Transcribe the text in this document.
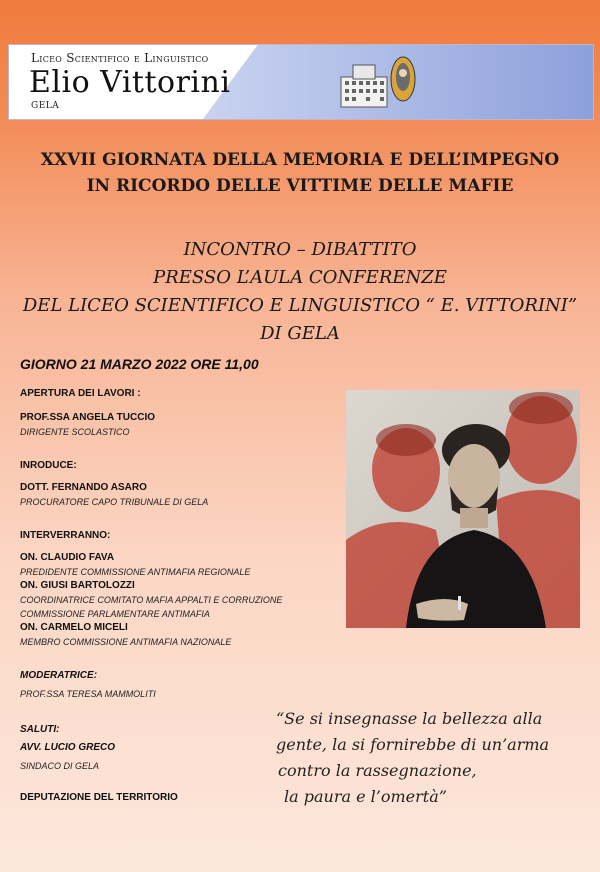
Liceo Scientifico e Linguistico
Elio Vittorini
GELA
XXVII GIORNATA DELLA MEMORIA E DELL’IMPEGNO
IN RICORDO DELLE VITTIME DELLE MAFIE
INCONTRO – DIBATTITO
PRESSO L’AULA CONFERENZE
DEL LICEO SCIENTIFICO E LINGUISTICO “ E. VITTORINI”
DI GELA
GIORNO 21 MARZO 2022 ORE 11,00

APERTURA DEI LAVORI :

PROF.SSA ANGELA TUCCIO

DIRIGENTE SCOLASTICO

INRODUCE:

DOTT. FERNANDO ASARO

PROCURATORE CAPO TRIBUNALE DI GELA

INTERVERRANNO:

ON. CLAUDIO FAVA

PREDIDENTE COMMISSIONE ANTIMAFIA REGIONALE

ON. GIUSI BARTOLOZZI

COORDINATRICE COMITATO MAFIA APPALTI E CORRUZIONE

COMMISSIONE PARLAMENTARE ANTIMAFIA

ON. CARMELO MICELI

MEMBRO COMMISSIONE ANTIMAFIA NAZIONALE

MODERATRICE:

PROF.SSA TERESA MAMMOLITI

SALUTI:

AVV. LUCIO GRECO

SINDACO DI GELA

DEPUTAZIONE DEL TERRITORIO

“Se si insegnasse la bellezza alla
gente, la si fornirebbe di un’arma
contro la rassegnazione,
la paura e l’omertà”
